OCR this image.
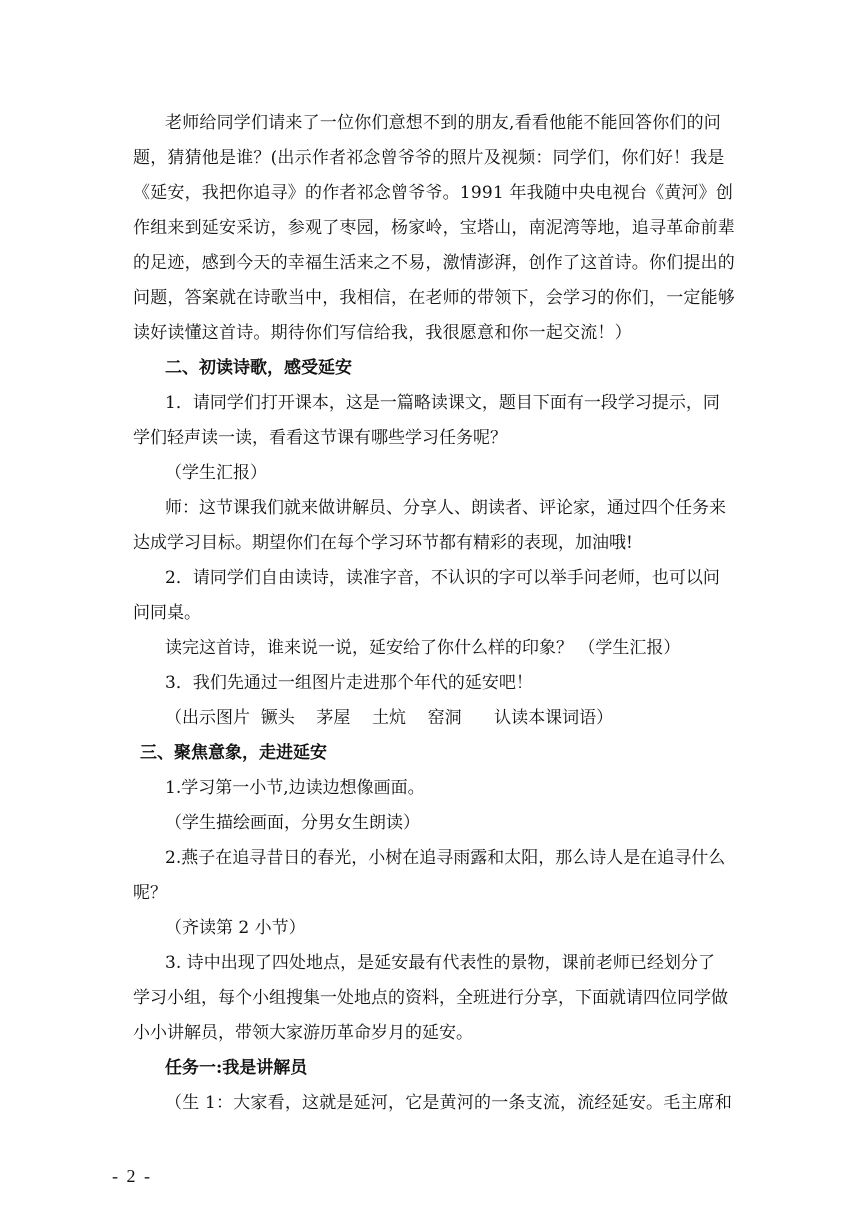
老师给同学们请来了一位你们意想不到的朋友,看看他能不能回答你们的问

题，猜猜他是谁？(出示作者祁念曾爷爷的照片及视频：同学们，你们好！我是

《延安，我把你追寻》的作者祁念曾爷爷。1991 年我随中央电视台《黄河》创

作组来到延安采访，参观了枣园，杨家岭，宝塔山，南泥湾等地，追寻革命前辈

的足迹，感到今天的幸福生活来之不易，激情澎湃，创作了这首诗。你们提出的

问题，答案就在诗歌当中，我相信，在老师的带领下，会学习的你们，一定能够

读好读懂这首诗。期待你们写信给我，我很愿意和你一起交流！）

二、初读诗歌，感受延安

1．请同学们打开课本，这是一篇略读课文，题目下面有一段学习提示，同

学们轻声读一读，看看这节课有哪些学习任务呢？

（学生汇报）

师：这节课我们就来做讲解员、分享人、朗读者、评论家，通过四个任务来

达成学习目标。期望你们在每个学习环节都有精彩的表现，加油哦!

2．请同学们自由读诗，读准字音，不认识的字可以举手问老师，也可以问

问同桌。

读完这首诗，谁来说一说，延安给了你什么样的印象？ （学生汇报）

3．我们先通过一组图片走进那个年代的延安吧！

（出示图片  镢头    茅屋    土炕    窑洞      认读本课词语）

三、聚焦意象，走进延安

1.学习第一小节,边读边想像画面。

（学生描绘画面，分男女生朗读）

2.燕子在追寻昔日的春光，小树在追寻雨露和太阳，那么诗人是在追寻什么

呢？

（齐读第 2 小节）

3. 诗中出现了四处地点，是延安最有代表性的景物，课前老师已经划分了

学习小组，每个小组搜集一处地点的资料，全班进行分享，下面就请四位同学做

小小讲解员，带领大家游历革命岁月的延安。

任务一:我是讲解员

（生 1：大家看，这就是延河，它是黄河的一条支流，流经延安。毛主席和

- 2 -
